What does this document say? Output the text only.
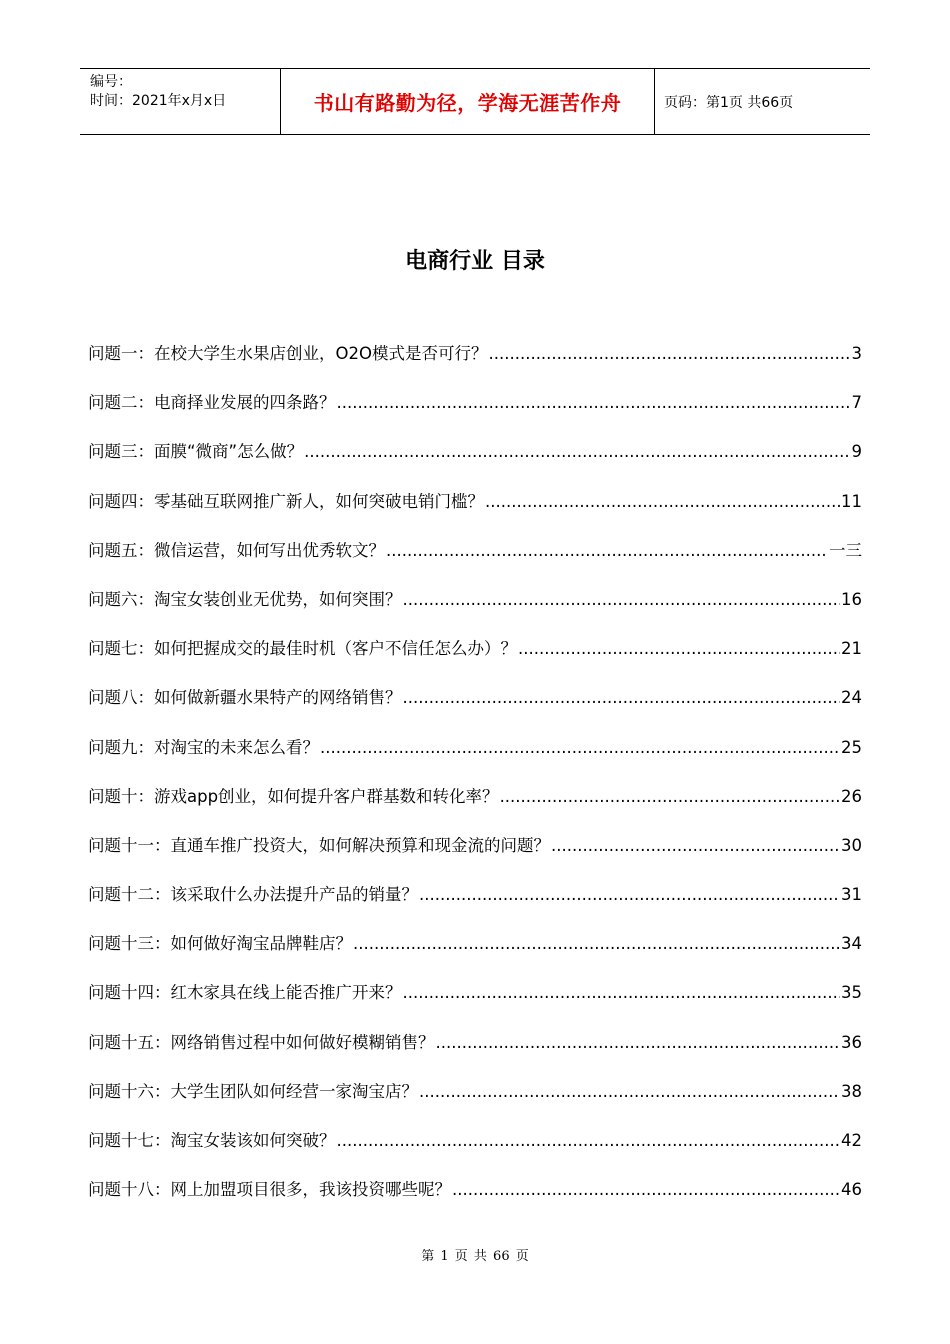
编号：
时间：2021年x月x日	书山有路勤为径，学海无涯苦作舟	页码：第1页 共66页
电商行业 目录
问题一：在校大学生水果店创业，O2O模式是否可行？ .....	3
问题二：电商择业发展的四条路？ .....	7
问题三：面膜“微商”怎么做？ .....	9
问题四：零基础互联网推广新人，如何突破电销门槛？ .....	11
问题五：微信运营，如何写出优秀软文？ .....	一三
问题六：淘宝女装创业无优势，如何突围？ .....	16
问题七：如何把握成交的最佳时机（客户不信任怎么办）？ .....	21
问题八：如何做新疆水果特产的网络销售？ .....	24
问题九：对淘宝的未来怎么看？ .....	25
问题十：游戏app创业，如何提升客户群基数和转化率？ .....	26
问题十一：直通车推广投资大，如何解决预算和现金流的问题？ .....	30
问题十二：该采取什么办法提升产品的销量？ .....	31
问题十三：如何做好淘宝品牌鞋店？ .....	34
问题十四：红木家具在线上能否推广开来？ .....	35
问题十五：网络销售过程中如何做好模糊销售？ .....	36
问题十六：大学生团队如何经营一家淘宝店？ .....	38
问题十七：淘宝女装该如何突破？ .....	42
问题十八：网上加盟项目很多，我该投资哪些呢？ .....	46
第 1 页 共 66 页
